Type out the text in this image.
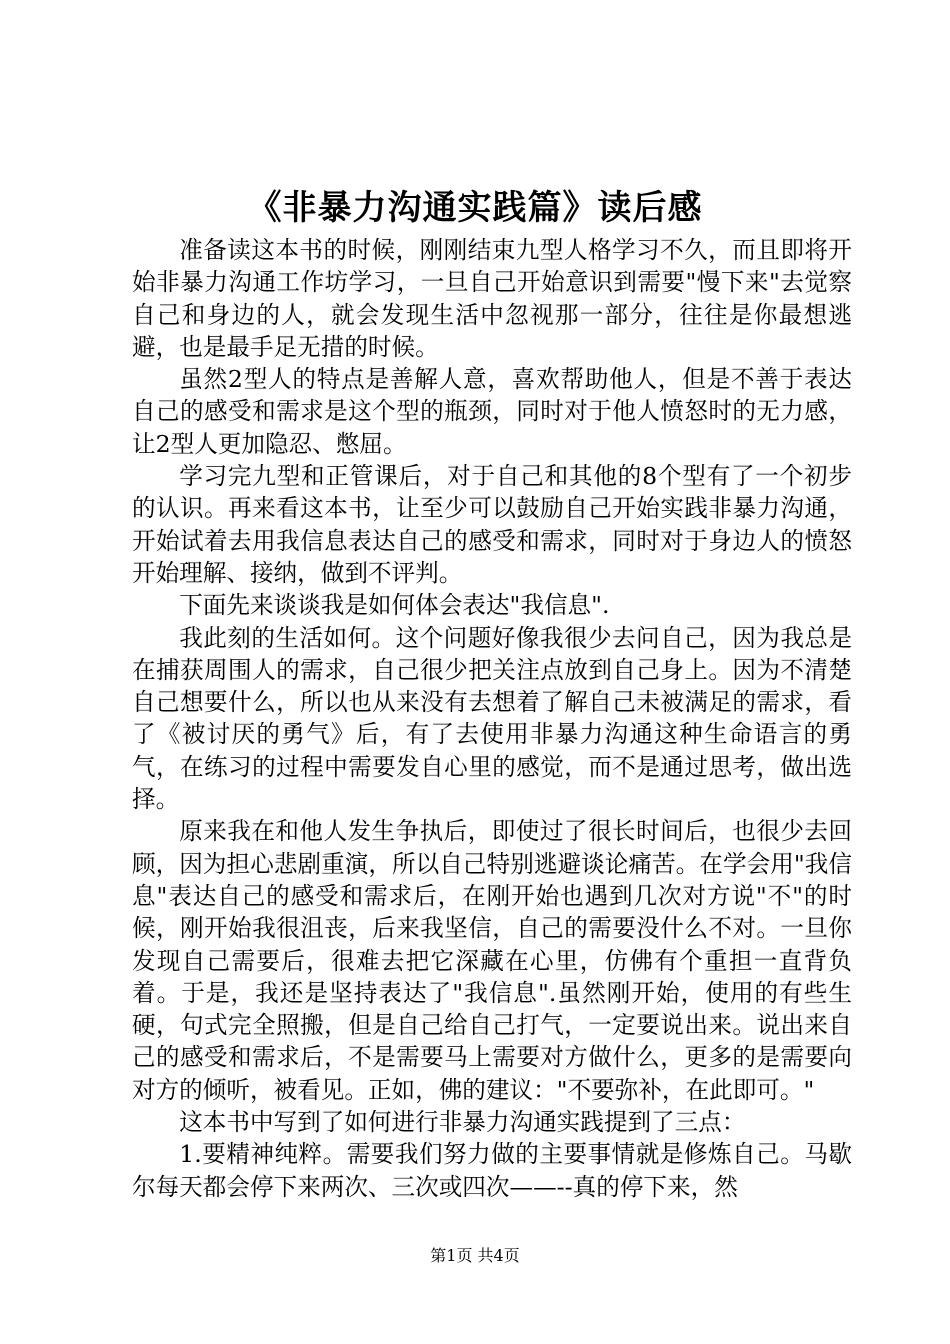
《非暴力沟通实践篇》读后感

准备读这本书的时候，刚刚结束九型人格学习不久，而且即将开始非暴力沟通工作坊学习，一旦自己开始意识到需要"慢下来"去觉察自己和身边的人，就会发现生活中忽视那一部分，往往是你最想逃避，也是最手足无措的时候。

虽然2型人的特点是善解人意，喜欢帮助他人，但是不善于表达自己的感受和需求是这个型的瓶颈，同时对于他人愤怒时的无力感，让2型人更加隐忍、憋屈。

学习完九型和正管课后，对于自己和其他的8个型有了一个初步的认识。再来看这本书，让至少可以鼓励自己开始实践非暴力沟通，开始试着去用我信息表达自己的感受和需求，同时对于身边人的愤怒开始理解、接纳，做到不评判。

下面先来谈谈我是如何体会表达"我信息".

我此刻的生活如何。这个问题好像我很少去问自己，因为我总是在捕获周围人的需求，自己很少把关注点放到自己身上。因为不清楚自己想要什么，所以也从来没有去想着了解自己未被满足的需求，看了《被讨厌的勇气》后，有了去使用非暴力沟通这种生命语言的勇气，在练习的过程中需要发自心里的感觉，而不是通过思考，做出选择。

原来我在和他人发生争执后，即使过了很长时间后，也很少去回顾，因为担心悲剧重演，所以自己特别逃避谈论痛苦。在学会用"我信息"表达自己的感受和需求后，在刚开始也遇到几次对方说"不"的时候，刚开始我很沮丧，后来我坚信，自己的需要没什么不对。一旦你发现自己需要后，很难去把它深藏在心里，仿佛有个重担一直背负着。于是，我还是坚持表达了"我信息".虽然刚开始，使用的有些生硬，句式完全照搬，但是自己给自己打气，一定要说出来。说出来自己的感受和需求后，不是需要马上需要对方做什么，更多的是需要向对方的倾听，被看见。正如，佛的建议："不要弥补，在此即可。"

这本书中写到了如何进行非暴力沟通实践提到了三点：

1.要精神纯粹。需要我们努力做的主要事情就是修炼自己。马歇尔每天都会停下来两次、三次或四次——--真的停下来，然

第1页 共4页
